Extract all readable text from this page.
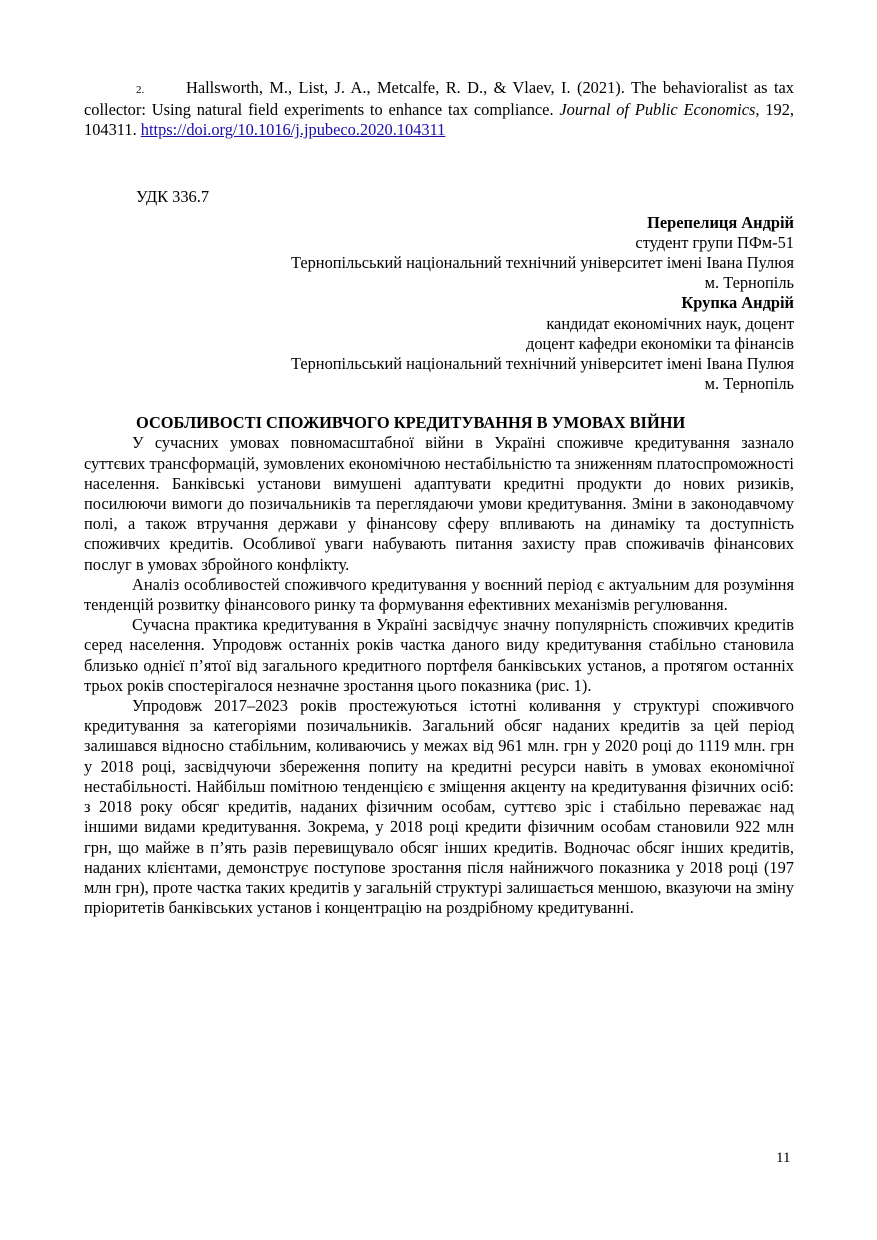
2.	Hallsworth, M., List, J. A., Metcalfe, R. D., & Vlaev, I. (2021). The behavioralist as tax collector: Using natural field experiments to enhance tax compliance. Journal of Public Economics, 192, 104311. https://doi.org/10.1016/j.jpubeco.2020.104311

УДК 336.7
Перепелиця Андрій
студент групи ПФм-51
Тернопільський національний технічний університет імені Івана Пулюя
м. Тернопіль
Крупка Андрій
кандидат економічних наук, доцент
доцент кафедри економіки та фінансів
Тернопільський національний технічний університет імені Івана Пулюя
м. Тернопіль
ОСОБЛИВОСТІ СПОЖИВЧОГО КРЕДИТУВАННЯ В УМОВАХ ВІЙНИ

У сучасних умовах повномасштабної війни в Україні споживче кредитування зазнало суттєвих трансформацій, зумовлених економічною нестабільністю та зниженням платоспроможності населення. Банківські установи вимушені адаптувати кредитні продукти до нових ризиків, посилюючи вимоги до позичальників та переглядаючи умови кредитування. Зміни в законодавчому полі, а також втручання держави у фінансову сферу впливають на динаміку та доступність споживчих кредитів. Особливої уваги набувають питання захисту прав споживачів фінансових послуг в умовах збройного конфлікту.

Аналіз особливостей споживчого кредитування у воєнний період є актуальним для розуміння тенденцій розвитку фінансового ринку та формування ефективних механізмів регулювання.

Сучасна практика кредитування в Україні засвідчує значну популярність споживчих кредитів серед населення. Упродовж останніх років частка даного виду кредитування стабільно становила близько однієї п’ятої від загального кредитного портфеля банківських установ, а протягом останніх трьох років спостерігалося незначне зростання цього показника (рис. 1).

Упродовж 2017–2023 років простежуються істотні коливання у структурі споживчого кредитування за категоріями позичальників. Загальний обсяг наданих кредитів за цей період залишався відносно стабільним, коливаючись у межах від 961 млн. грн у 2020 році до 1119 млн. грн у 2018 році, засвідчуючи збереження попиту на кредитні ресурси навіть в умовах економічної нестабільності. Найбільш помітною тенденцією є зміщення акценту на кредитування фізичних осіб: з 2018 року обсяг кредитів, наданих фізичним особам, суттєво зріс і стабільно переважає над іншими видами кредитування. Зокрема, у 2018 році кредити фізичним особам становили 922 млн грн, що майже в п’ять разів перевищувало обсяг інших кредитів. Водночас обсяг інших кредитів, наданих клієнтами, демонструє поступове зростання після найнижчого показника у 2018 році (197 млн грн), проте частка таких кредитів у загальній структурі залишається меншою, вказуючи на зміну пріоритетів банківських установ і концентрацію на роздрібному кредитуванні.

11
